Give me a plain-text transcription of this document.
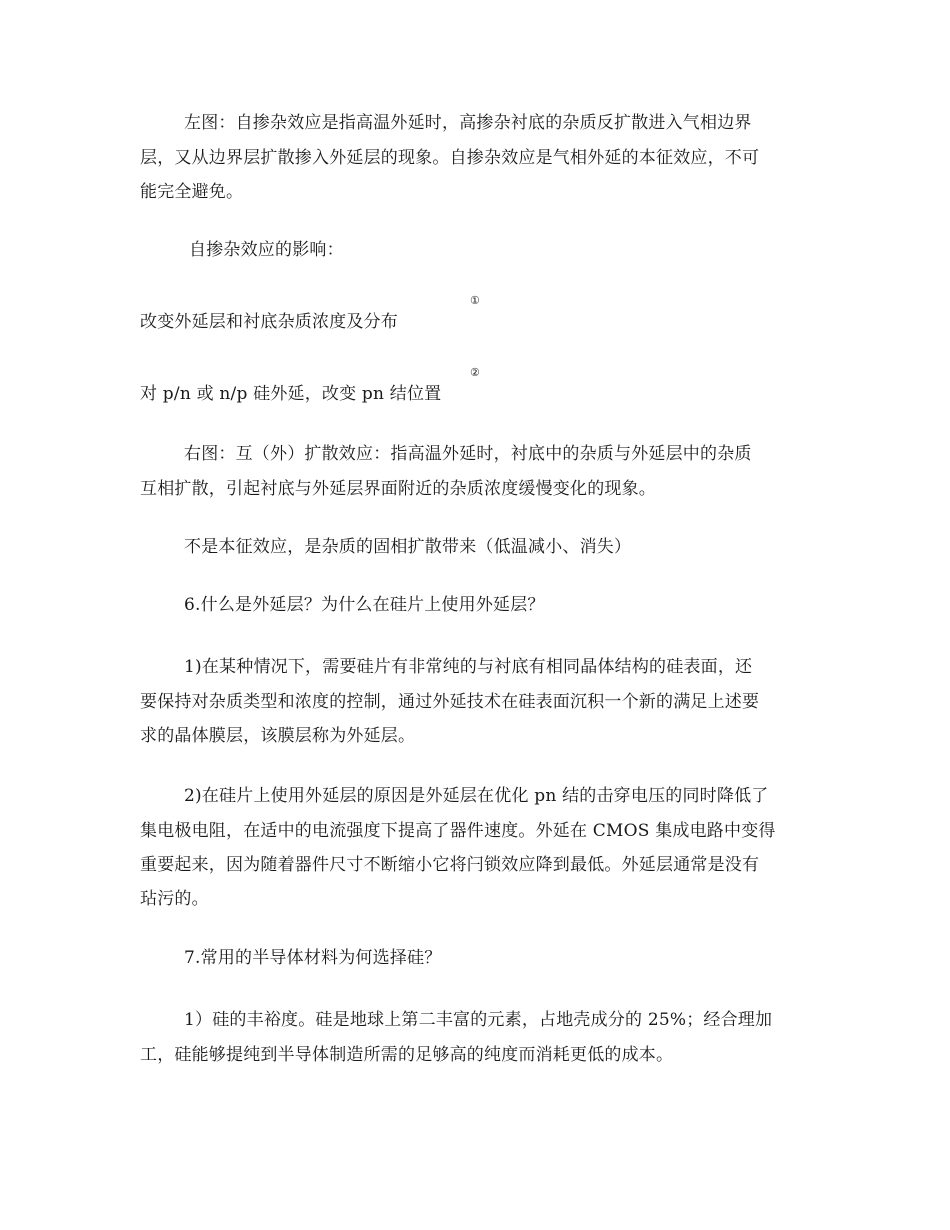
左图：自掺杂效应是指高温外延时，高掺杂衬底的杂质反扩散进入气相边界
层，又从边界层扩散掺入外延层的现象。自掺杂效应是气相外延的本征效应，不可
能完全避免。
自掺杂效应的影响：
①
改变外延层和衬底杂质浓度及分布
②
对 p/n 或 n/p 硅外延，改变 pn 结位置
右图：互（外）扩散效应：指高温外延时，衬底中的杂质与外延层中的杂质
互相扩散，引起衬底与外延层界面附近的杂质浓度缓慢变化的现象。
不是本征效应，是杂质的固相扩散带来（低温减小、消失）
6.什么是外延层？为什么在硅片上使用外延层？
1)在某种情况下，需要硅片有非常纯的与衬底有相同晶体结构的硅表面，还
要保持对杂质类型和浓度的控制，通过外延技术在硅表面沉积一个新的满足上述要
求的晶体膜层，该膜层称为外延层。
2)在硅片上使用外延层的原因是外延层在优化 pn 结的击穿电压的同时降低了
集电极电阻，在适中的电流强度下提高了器件速度。外延在 CMOS 集成电路中变得
重要起来，因为随着器件尺寸不断缩小它将闩锁效应降到最低。外延层通常是没有
玷污的。
7.常用的半导体材料为何选择硅？
1）硅的丰裕度。硅是地球上第二丰富的元素，占地壳成分的 25%；经合理加
工，硅能够提纯到半导体制造所需的足够高的纯度而消耗更低的成本。
